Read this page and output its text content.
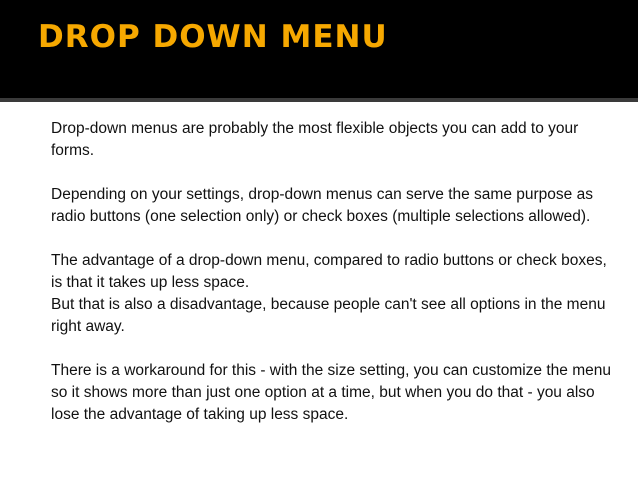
DROP DOWN MENU

Drop-down menus are probably the most flexible objects you can add to your forms.

Depending on your settings, drop-down menus can serve the same purpose as radio buttons (one selection only) or check boxes (multiple selections allowed).

The advantage of a drop-down menu, compared to radio buttons or check boxes, is that it takes up less space.

But that is also a disadvantage, because people can't see all options in the menu right away.

There is a workaround for this - with the size setting, you can customize the menu so it shows more than just one option at a time, but when you do that - you also lose the advantage of taking up less space.
